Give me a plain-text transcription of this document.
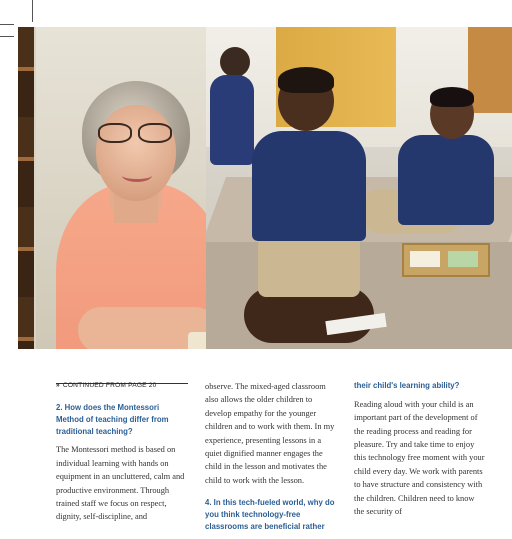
» CONTINUED FROM PAGE 20
2. How does the Montessori Method of teaching differ from traditional teaching?

The Montessori method is based on individual learning with hands on equipment in an uncluttered, calm and productive environment. Through trained staff we focus on respect, dignity, self-discipline, and

observe. The mixed-aged classroom also allows the older children to develop empathy for the younger children and to work with them. In my experience, presenting lessons in a quiet dignified manner engages the child in the lesson and motivates the child to work with the lesson.

4. In this tech-fueled world, why do you think technology-free classrooms are beneficial rather
their child's learning ability?

Reading aloud with your child is an important part of the development of the reading process and reading for pleasure. Try and take time to enjoy this technology free moment with your child every day. We work with parents to have structure and consistency with the children. Children need to know the security of
